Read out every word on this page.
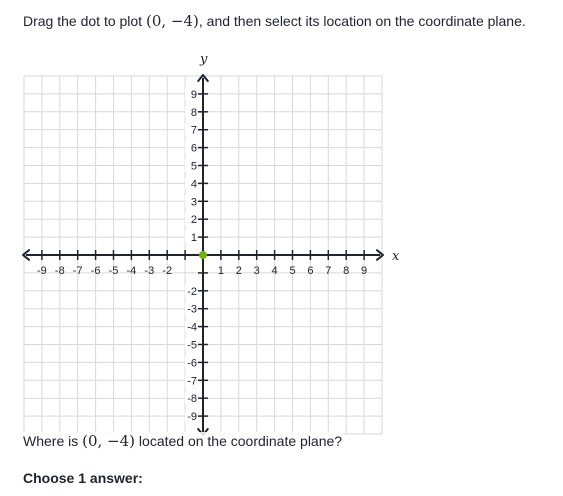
Drag the dot to plot (0, −4), and then select its location on the coordinate plane.
-9 -8 -7 -6 -5 -4 -3 -2	1 2 3 4 5 6 7 8 9
9
8
7
6
5
4
3
2
1
-2
-3
-4
-5
-6
-7
-8
-9
x
y
Where is (0, −4) located on the coordinate plane?
Choose 1 answer:
